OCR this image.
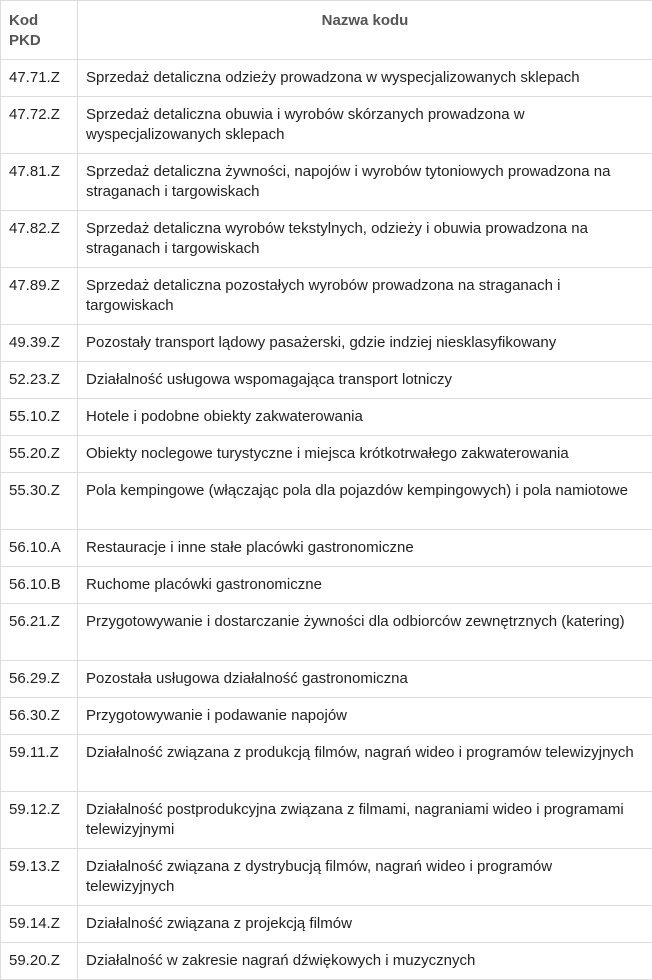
Kod PKD	Nazwa kodu
47.71.Z	Sprzedaż detaliczna odzieży prowadzona w wyspecjalizowanych sklepach
47.72.Z	Sprzedaż detaliczna obuwia i wyrobów skórzanych prowadzona w wyspecjalizowanych sklepach
47.81.Z	Sprzedaż detaliczna żywności, napojów i wyrobów tytoniowych prowadzona na straganach i targowiskach
47.82.Z	Sprzedaż detaliczna wyrobów tekstylnych, odzieży i obuwia prowadzona na straganach i targowiskach
47.89.Z	Sprzedaż detaliczna pozostałych wyrobów prowadzona na straganach i targowiskach
49.39.Z	Pozostały transport lądowy pasażerski, gdzie indziej niesklasyfikowany
52.23.Z	Działalność usługowa wspomagająca transport lotniczy
55.10.Z	Hotele i podobne obiekty zakwaterowania
55.20.Z	Obiekty noclegowe turystyczne i miejsca krótkotrwałego zakwaterowania
55.30.Z	Pola kempingowe (włączając pola dla pojazdów kempingowych) i pola namiotowe
56.10.A	Restauracje i inne stałe placówki gastronomiczne
56.10.B	Ruchome placówki gastronomiczne
56.21.Z	Przygotowywanie i dostarczanie żywności dla odbiorców zewnętrznych (katering)
56.29.Z	Pozostała usługowa działalność gastronomiczna
56.30.Z	Przygotowywanie i podawanie napojów
59.11.Z	Działalność związana z produkcją filmów, nagrań wideo i programów telewizyjnych
59.12.Z	Działalność postprodukcyjna związana z filmami, nagraniami wideo i programami telewizyjnymi
59.13.Z	Działalność związana z dystrybucją filmów, nagrań wideo i programów telewizyjnych
59.14.Z	Działalność związana z projekcją filmów
59.20.Z	Działalność w zakresie nagrań dźwiękowych i muzycznych
